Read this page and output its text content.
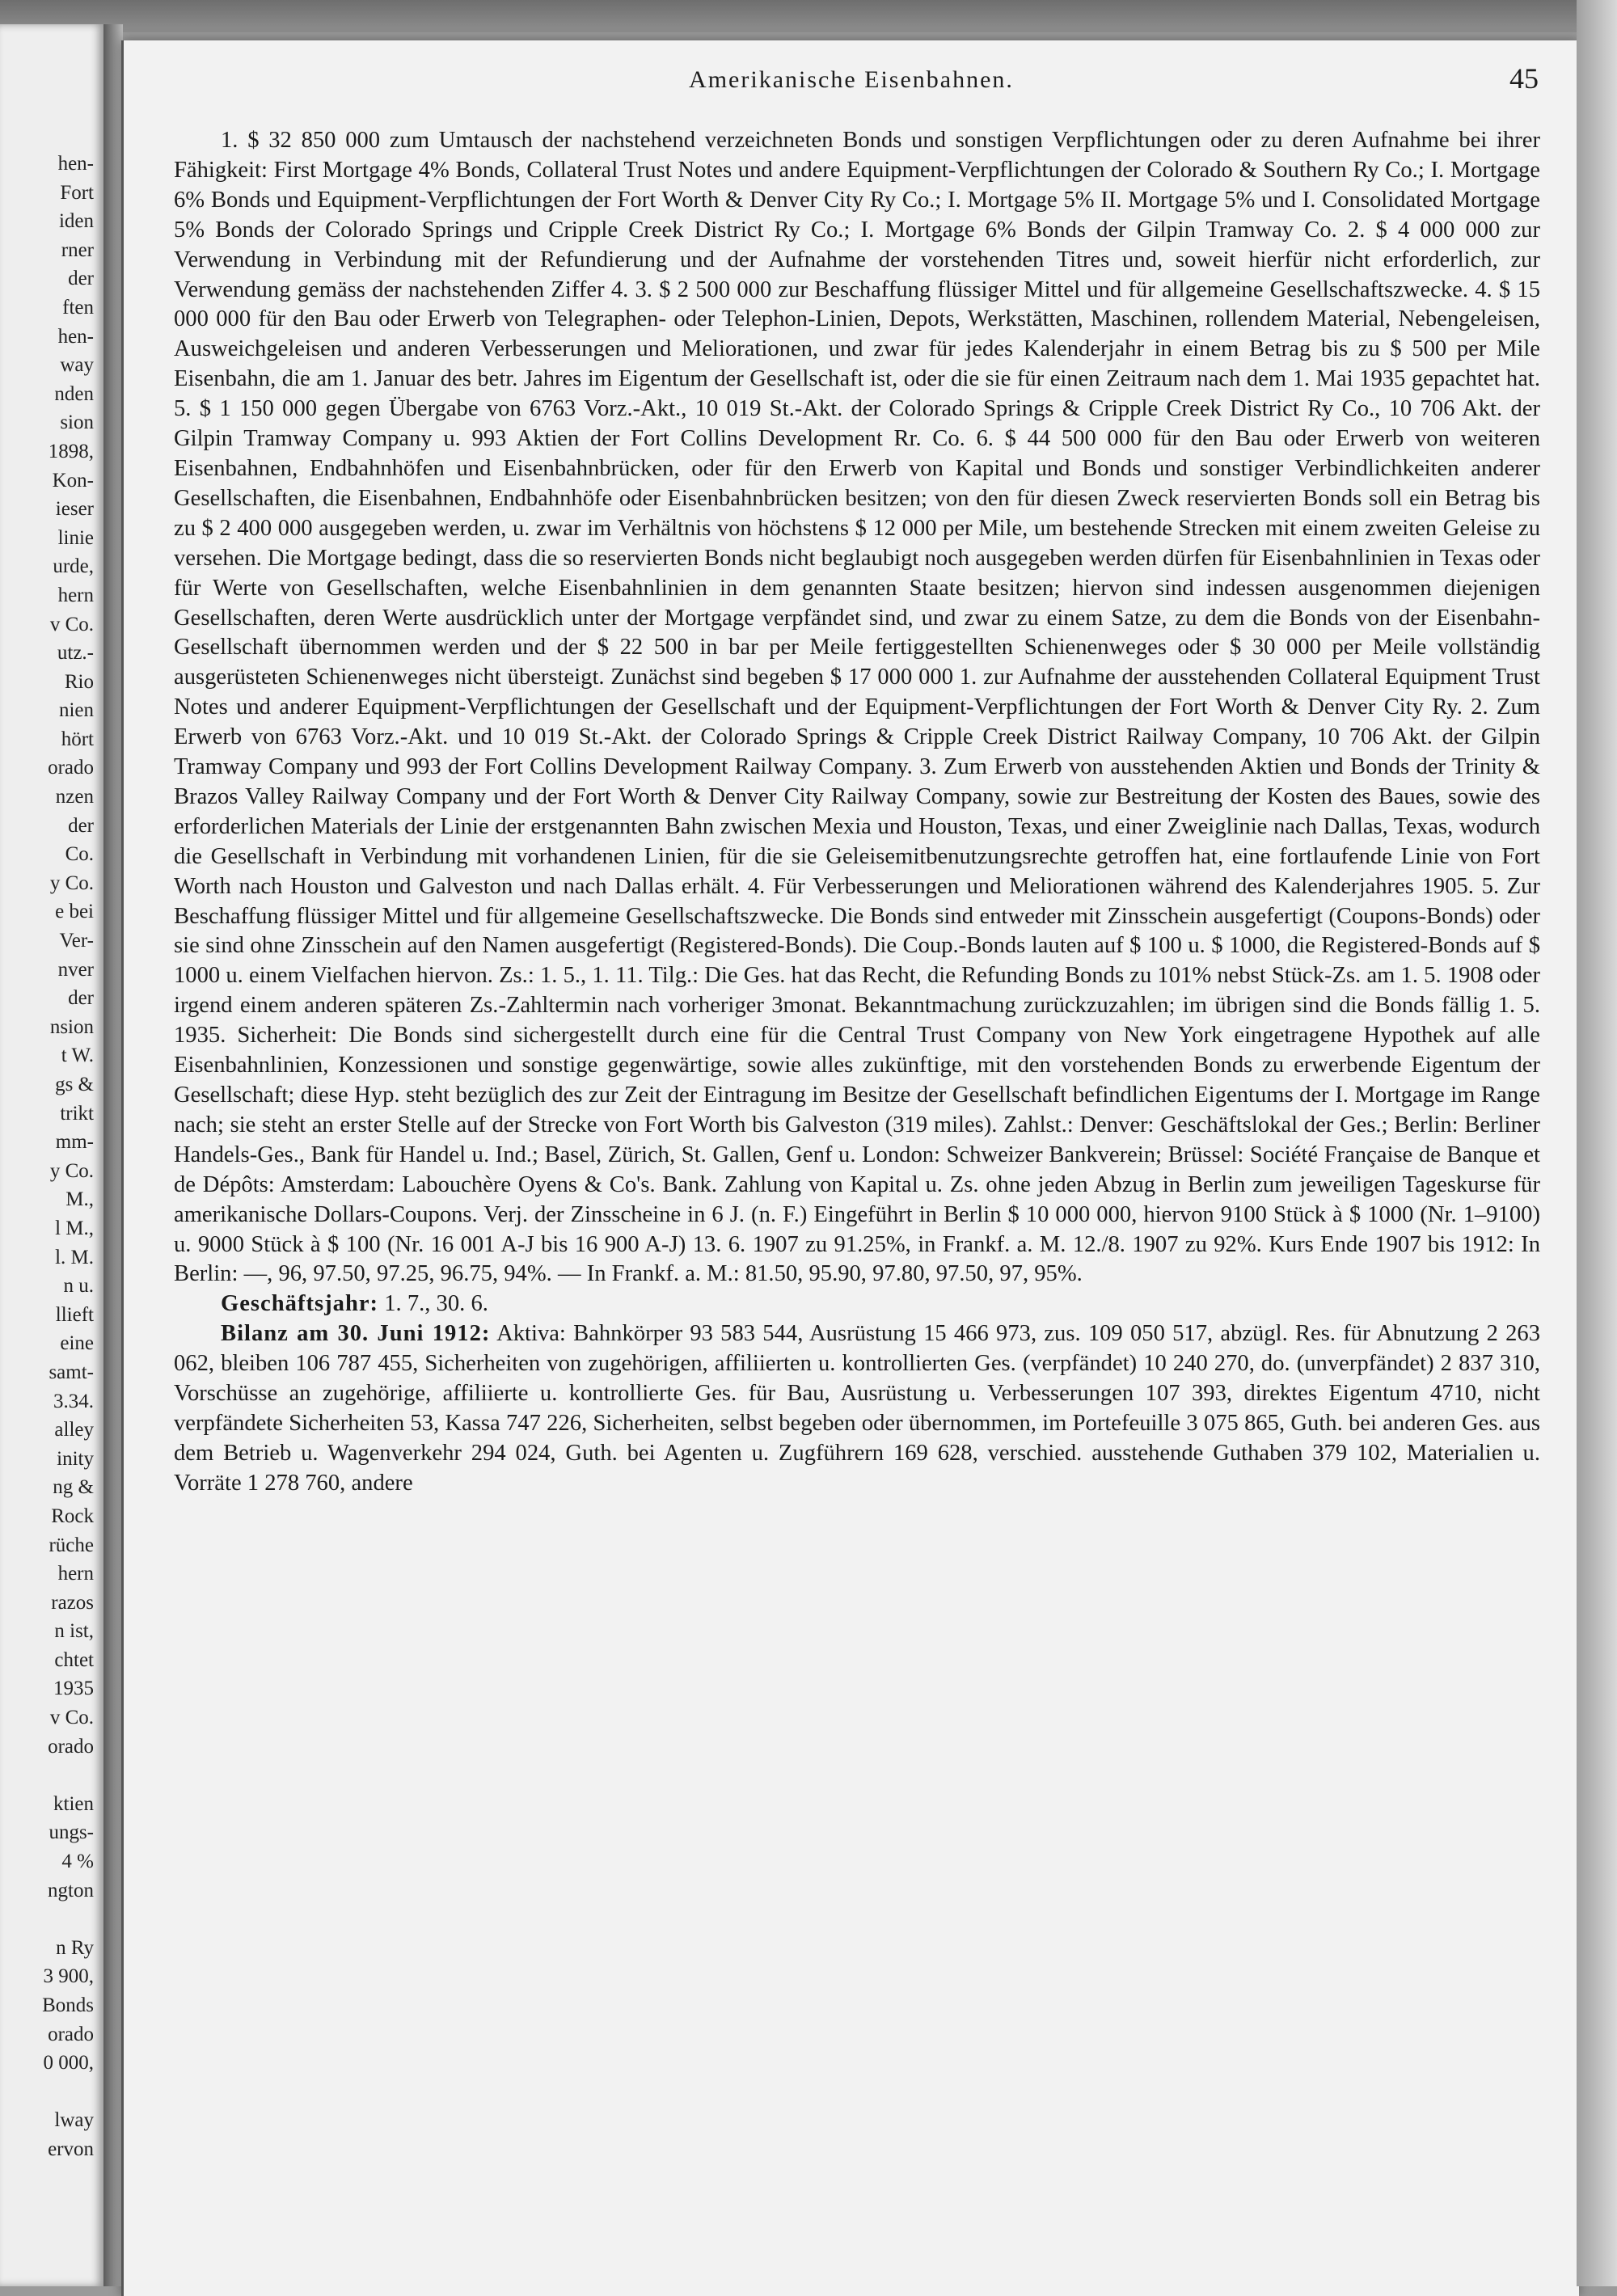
hen-
Fort
iden
rner
der
ften
hen-
way
nden
sion
1898,
Kon-
ieser
linie
urde,
hern
v Co.
utz.-
Rio
nien
hört
orado
nzen
der
Co.
y Co.
e bei
Ver-
nver
der
nsion
t W.
gs &
trikt
mm-
y Co.
M.,
l M.,
l. M.
n u.
llieft
eine
samt-
3.34.
alley
inity
ng &
Rock
rüche
hern
razos
n ist,
chtet
1935
v Co.
orado

ktien
ungs-
4 %
ngton

n Ry
3 900,
Bonds
orado
0 000,

lway
ervon
Amerikanische Eisenbahnen.	45

1. $ 32 850 000 zum Umtausch der nachstehend verzeichneten Bonds und sonstigen Verpflichtungen oder zu deren Aufnahme bei ihrer Fähigkeit: First Mortgage 4% Bonds, Collateral Trust Notes und andere Equipment-Verpflichtungen der Colorado & Southern Ry Co.; I. Mortgage 6% Bonds und Equipment-Verpflichtungen der Fort Worth & Denver City Ry Co.; I. Mortgage 5% II. Mortgage 5% und I. Consolidated Mortgage 5% Bonds der Colorado Springs und Cripple Creek District Ry Co.; I. Mortgage 6% Bonds der Gilpin Tramway Co. 2. $ 4 000 000 zur Verwendung in Verbindung mit der Refundierung und der Aufnahme der vorstehenden Titres und, soweit hierfür nicht erforderlich, zur Verwendung gemäss der nachstehenden Ziffer 4. 3. $ 2 500 000 zur Beschaffung flüssiger Mittel und für allgemeine Gesellschaftszwecke. 4. $ 15 000 000 für den Bau oder Erwerb von Telegraphen- oder Telephon-Linien, Depots, Werkstätten, Maschinen, rollendem Material, Nebengeleisen, Ausweichgeleisen und anderen Verbesserungen und Meliorationen, und zwar für jedes Kalenderjahr in einem Betrag bis zu $ 500 per Mile Eisenbahn, die am 1. Januar des betr. Jahres im Eigentum der Gesellschaft ist, oder die sie für einen Zeitraum nach dem 1. Mai 1935 gepachtet hat. 5. $ 1 150 000 gegen Übergabe von 6763 Vorz.-Akt., 10 019 St.-Akt. der Colorado Springs & Cripple Creek District Ry Co., 10 706 Akt. der Gilpin Tramway Company u. 993 Aktien der Fort Collins Development Rr. Co. 6. $ 44 500 000 für den Bau oder Erwerb von weiteren Eisenbahnen, Endbahnhöfen und Eisenbahnbrücken, oder für den Erwerb von Kapital und Bonds und sonstiger Verbindlichkeiten anderer Gesellschaften, die Eisenbahnen, Endbahnhöfe oder Eisenbahnbrücken besitzen; von den für diesen Zweck reservierten Bonds soll ein Betrag bis zu $ 2 400 000 ausgegeben werden, u. zwar im Verhältnis von höchstens $ 12 000 per Mile, um bestehende Strecken mit einem zweiten Geleise zu versehen. Die Mortgage bedingt, dass die so reservierten Bonds nicht beglaubigt noch ausgegeben werden dürfen für Eisenbahnlinien in Texas oder für Werte von Gesellschaften, welche Eisenbahnlinien in dem genannten Staate besitzen; hiervon sind indessen ausgenommen diejenigen Gesellschaften, deren Werte ausdrücklich unter der Mortgage verpfändet sind, und zwar zu einem Satze, zu dem die Bonds von der Eisenbahn-Gesellschaft übernommen werden und der $ 22 500 in bar per Meile fertiggestellten Schienenweges oder $ 30 000 per Meile vollständig ausgerüsteten Schienenweges nicht übersteigt. Zunächst sind begeben $ 17 000 000 1. zur Aufnahme der ausstehenden Collateral Equipment Trust Notes und anderer Equipment-Verpflichtungen der Gesellschaft und der Equipment-Verpflichtungen der Fort Worth & Denver City Ry. 2. Zum Erwerb von 6763 Vorz.-Akt. und 10 019 St.-Akt. der Colorado Springs & Cripple Creek District Railway Company, 10 706 Akt. der Gilpin Tramway Company und 993 der Fort Collins Development Railway Company. 3. Zum Erwerb von ausstehenden Aktien und Bonds der Trinity & Brazos Valley Railway Company und der Fort Worth & Denver City Railway Company, sowie zur Bestreitung der Kosten des Baues, sowie des erforderlichen Materials der Linie der erstgenannten Bahn zwischen Mexia und Houston, Texas, und einer Zweiglinie nach Dallas, Texas, wodurch die Gesellschaft in Verbindung mit vorhandenen Linien, für die sie Geleisemitbenutzungsrechte getroffen hat, eine fortlaufende Linie von Fort Worth nach Houston und Galveston und nach Dallas erhält. 4. Für Verbesserungen und Meliorationen während des Kalenderjahres 1905. 5. Zur Beschaffung flüssiger Mittel und für allgemeine Gesellschaftszwecke. Die Bonds sind entweder mit Zinsschein ausgefertigt (Coupons-Bonds) oder sie sind ohne Zinsschein auf den Namen ausgefertigt (Registered-Bonds). Die Coup.-Bonds lauten auf $ 100 u. $ 1000, die Registered-Bonds auf $ 1000 u. einem Vielfachen hiervon. Zs.: 1. 5., 1. 11. Tilg.: Die Ges. hat das Recht, die Refunding Bonds zu 101% nebst Stück-Zs. am 1. 5. 1908 oder irgend einem anderen späteren Zs.-Zahltermin nach vorheriger 3monat. Bekanntmachung zurückzuzahlen; im übrigen sind die Bonds fällig 1. 5. 1935. Sicherheit: Die Bonds sind sichergestellt durch eine für die Central Trust Company von New York eingetragene Hypothek auf alle Eisenbahnlinien, Konzessionen und sonstige gegenwärtige, sowie alles zukünftige, mit den vorstehenden Bonds zu erwerbende Eigentum der Gesellschaft; diese Hyp. steht bezüglich des zur Zeit der Eintragung im Besitze der Gesellschaft befindlichen Eigentums der I. Mortgage im Range nach; sie steht an erster Stelle auf der Strecke von Fort Worth bis Galveston (319 miles). Zahlst.: Denver: Geschäftslokal der Ges.; Berlin: Berliner Handels-Ges., Bank für Handel u. Ind.; Basel, Zürich, St. Gallen, Genf u. London: Schweizer Bankverein; Brüssel: Société Française de Banque et de Dépôts: Amsterdam: Labouchère Oyens & Co's. Bank. Zahlung von Kapital u. Zs. ohne jeden Abzug in Berlin zum jeweiligen Tageskurse für amerikanische Dollars-Coupons. Verj. der Zinsscheine in 6 J. (n. F.) Eingeführt in Berlin $ 10 000 000, hiervon 9100 Stück à $ 1000 (Nr. 1–9100) u. 9000 Stück à $ 100 (Nr. 16 001 A-J bis 16 900 A-J) 13. 6. 1907 zu 91.25%, in Frankf. a. M. 12./8. 1907 zu 92%. Kurs Ende 1907 bis 1912: In Berlin: —, 96, 97.50, 97.25, 96.75, 94%. — In Frankf. a. M.: 81.50, 95.90, 97.80, 97.50, 97, 95%.

Geschäftsjahr: 1. 7., 30. 6.

Bilanz am 30. Juni 1912: Aktiva: Bahnkörper 93 583 544, Ausrüstung 15 466 973, zus. 109 050 517, abzügl. Res. für Abnutzung 2 263 062, bleiben 106 787 455, Sicherheiten von zugehörigen, affiliierten u. kontrollierten Ges. (verpfändet) 10 240 270, do. (unverpfändet) 2 837 310, Vorschüsse an zugehörige, affiliierte u. kontrollierte Ges. für Bau, Ausrüstung u. Verbesserungen 107 393, direktes Eigentum 4710, nicht verpfändete Sicherheiten 53, Kassa 747 226, Sicherheiten, selbst begeben oder übernommen, im Portefeuille 3 075 865, Guth. bei anderen Ges. aus dem Betrieb u. Wagenverkehr 294 024, Guth. bei Agenten u. Zugführern 169 628, verschied. ausstehende Guthaben 379 102, Materialien u. Vorräte 1 278 760, andere
